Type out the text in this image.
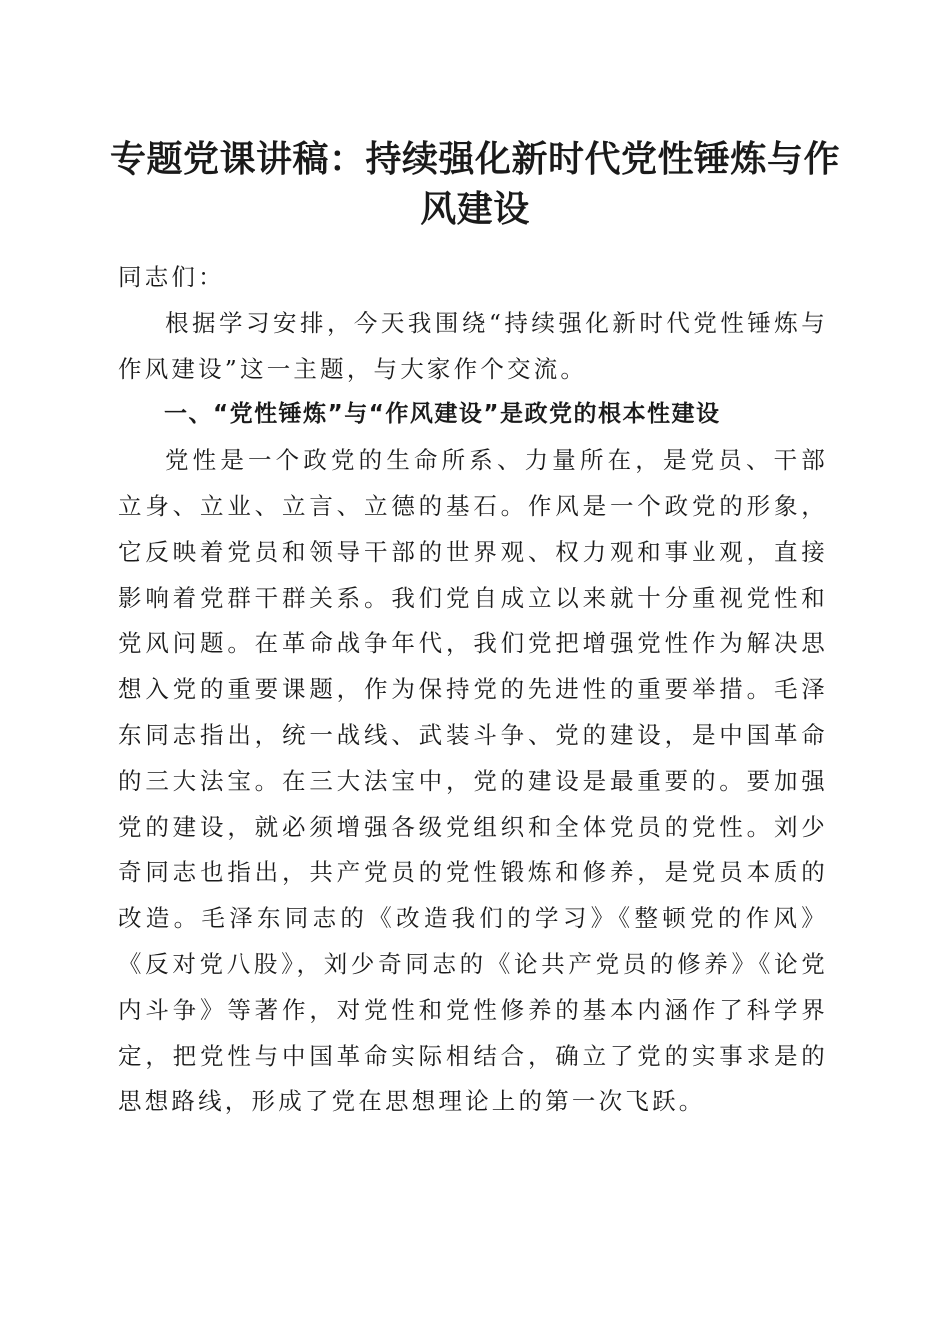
专题党课讲稿：持续强化新时代党性锤炼与作
风建设

同志们：

根据学习安排，今天我围绕“持续强化新时代党性锤炼与作风建设”这一主题，与大家作个交流。

一、“党性锤炼”与“作风建设”是政党的根本性建设

党性是一个政党的生命所系、力量所在，是党员、干部立身、立业、立言、立德的基石。作风是一个政党的形象，它反映着党员和领导干部的世界观、权力观和事业观，直接影响着党群干群关系。我们党自成立以来就十分重视党性和党风问题。在革命战争年代，我们党把增强党性作为解决思想入党的重要课题，作为保持党的先进性的重要举措。毛泽东同志指出，统一战线、武装斗争、党的建设，是中国革命的三大法宝。在三大法宝中，党的建设是最重要的。要加强党的建设，就必须增强各级党组织和全体党员的党性。刘少奇同志也指出，共产党员的党性锻炼和修养，是党员本质的改造。毛泽东同志的《改造我们的学习》《整顿党的作风》《反对党八股》，刘少奇同志的《论共产党员的修养》《论党内斗争》等著作，对党性和党性修养的基本内涵作了科学界定，把党性与中国革命实际相结合，确立了党的实事求是的思想路线，形成了党在思想理论上的第一次飞跃。
